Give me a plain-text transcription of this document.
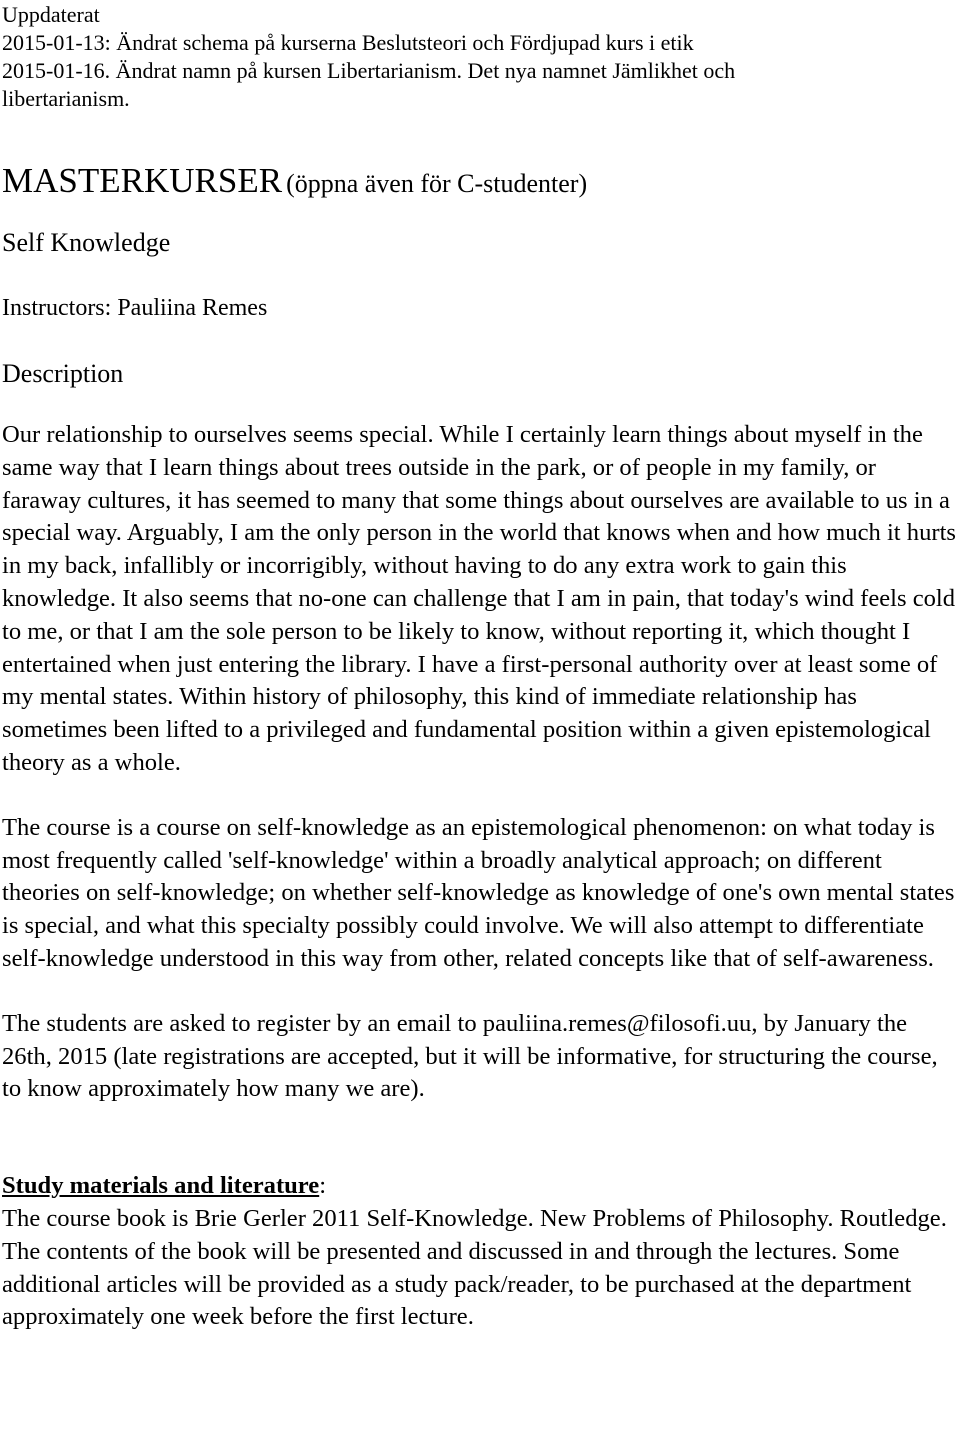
Uppdaterat
2015-01-13: Ändrat schema på kurserna Beslutsteori och Fördjupad kurs i etik
2015-01-16. Ändrat namn på kursen Libertarianism. Det nya namnet Jämlikhet och
libertarianism.
MASTERKURSER (öppna även för C-studenter)
Self Knowledge
Instructors: Pauliina Remes
Description

Our relationship to ourselves seems special. While I certainly learn things about myself in the same way that I learn things about trees outside in the park, or of people in my family, or faraway cultures, it has seemed to many that some things about ourselves are available to us in a special way. Arguably, I am the only person in the world that knows when and how much it hurts in my back, infallibly or incorrigibly, without having to do any extra work to gain this knowledge. It also seems that no-one can challenge that I am in pain, that today's wind feels cold to me, or that I am the sole person to be likely to know, without reporting it, which thought I entertained when just entering the library. I have a first-personal authority over at least some of my mental states. Within history of philosophy, this kind of immediate relationship has sometimes been lifted to a privileged and fundamental position within a given epistemological theory as a whole.

The course is a course on self-knowledge as an epistemological phenomenon: on what today is most frequently called 'self-knowledge' within a broadly analytical approach; on different theories on self-knowledge; on whether self-knowledge as knowledge of one's own mental states is special, and what this specialty possibly could involve. We will also attempt to differentiate self-knowledge understood in this way from other, related concepts like that of self-awareness.

The students are asked to register by an email to pauliina.remes@filosofi.uu, by January the 26th, 2015 (late registrations are accepted, but it will be informative, for structuring the course, to know approximately how many we are).

Study materials and literature:
The course book is Brie Gerler 2011 Self-Knowledge. New Problems of Philosophy. Routledge. The contents of the book will be presented and discussed in and through the lectures. Some additional articles will be provided as a study pack/reader, to be purchased at the department approximately one week before the first lecture.
